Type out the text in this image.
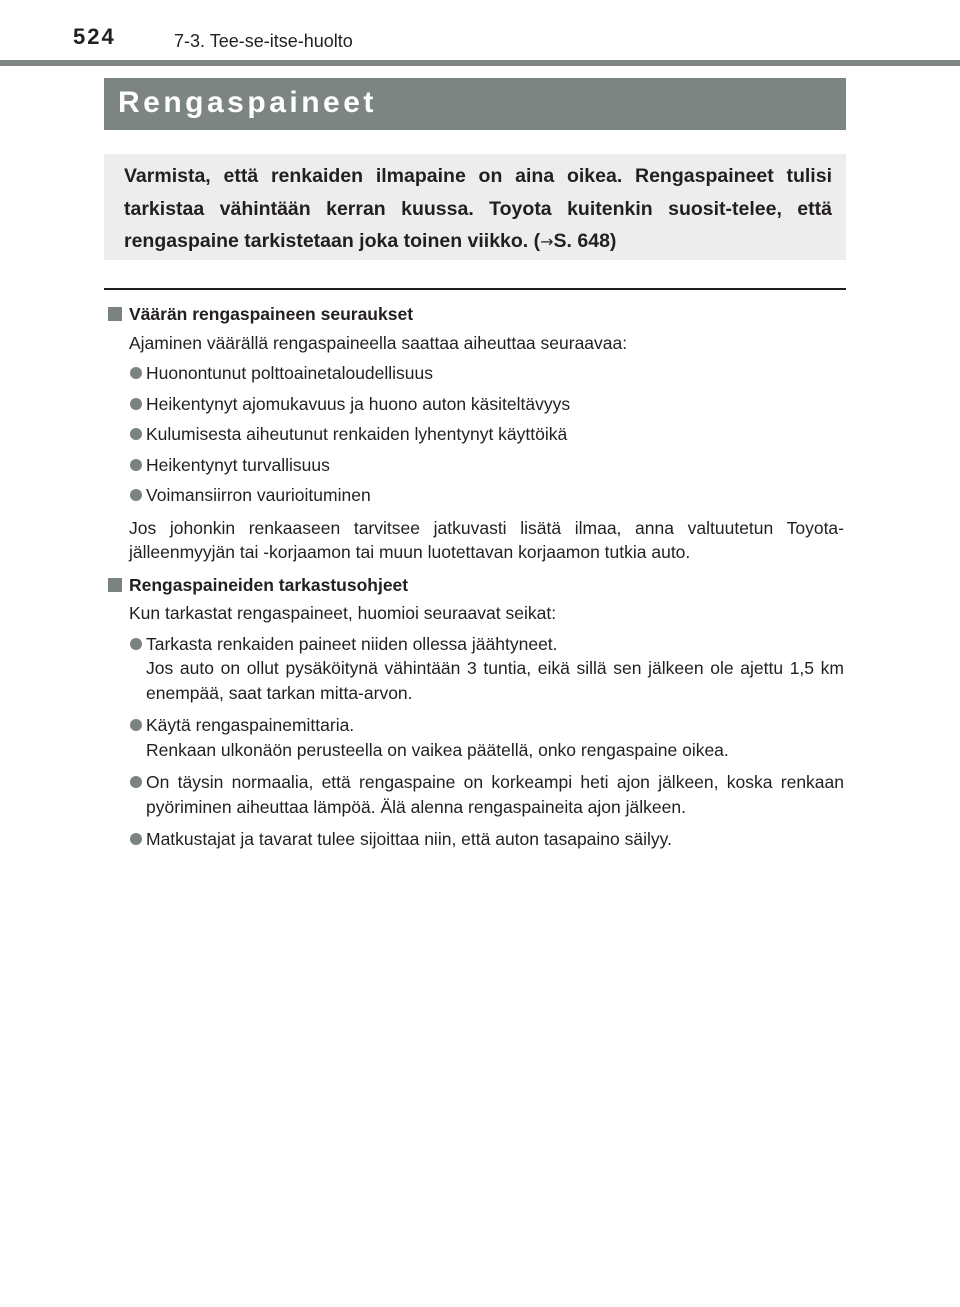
524	7-3. Tee-se-itse-huolto
Rengaspaineet
Varmista, että renkaiden ilmapaine on aina oikea. Rengaspaineet tulisi tarkistaa vähintään kerran kuussa. Toyota kuitenkin suosit-telee, että rengaspaine tarkistetaan joka toinen viikko. (→S. 648)
Väärän rengaspaineen seuraukset
Ajaminen väärällä rengaspaineella saattaa aiheuttaa seuraavaa:
Huonontunut polttoainetaloudellisuus
Heikentynyt ajomukavuus ja huono auton käsiteltävyys
Kulumisesta aiheutunut renkaiden lyhentynyt käyttöikä
Heikentynyt turvallisuus
Voimansiirron vaurioituminen
Jos johonkin renkaaseen tarvitsee jatkuvasti lisätä ilmaa, anna valtuutetun Toyota-jälleenmyyjän tai -korjaamon tai muun luotettavan korjaamon tutkia auto.
Rengaspaineiden tarkastusohjeet
Kun tarkastat rengaspaineet, huomioi seuraavat seikat:
Tarkasta renkaiden paineet niiden ollessa jäähtyneet.
Jos auto on ollut pysäköitynä vähintään 3 tuntia, eikä sillä sen jälkeen ole ajettu 1,5 km enempää, saat tarkan mitta-arvon.
Käytä rengaspainemittaria.
Renkaan ulkonäön perusteella on vaikea päätellä, onko rengaspaine oikea.
On täysin normaalia, että rengaspaine on korkeampi heti ajon jälkeen, koska renkaan pyöriminen aiheuttaa lämpöä. Älä alenna rengaspaineita ajon jälkeen.
Matkustajat ja tavarat tulee sijoittaa niin, että auton tasapaino säilyy.
